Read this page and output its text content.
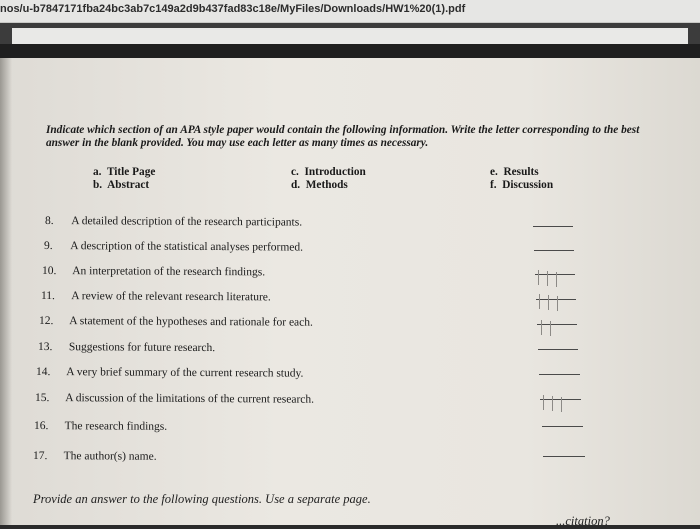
nos/u-b7847171fba24bc3ab7c149a2d9b437fad83c18e/MyFiles/Downloads/HW1%20(1).pdf
Indicate which section of an APA style paper would contain the following information. Write the letter corresponding to the best answer in the blank provided. You may use each letter as many times as necessary.
a. Title Page
b. Abstract
c. Introduction
d. Methods
e. Results
f. Discussion
8. A detailed description of the research participants.
9. A description of the statistical analyses performed.
10. An interpretation of the research findings.
11. A review of the relevant research literature.
12. A statement of the hypotheses and rationale for each.
13. Suggestions for future research.
14. A very brief summary of the current research study.
15. A discussion of the limitations of the current research.
16. The research findings.
17. The author(s) name.
Provide an answer to the following questions. Use a separate page.
...citation?
